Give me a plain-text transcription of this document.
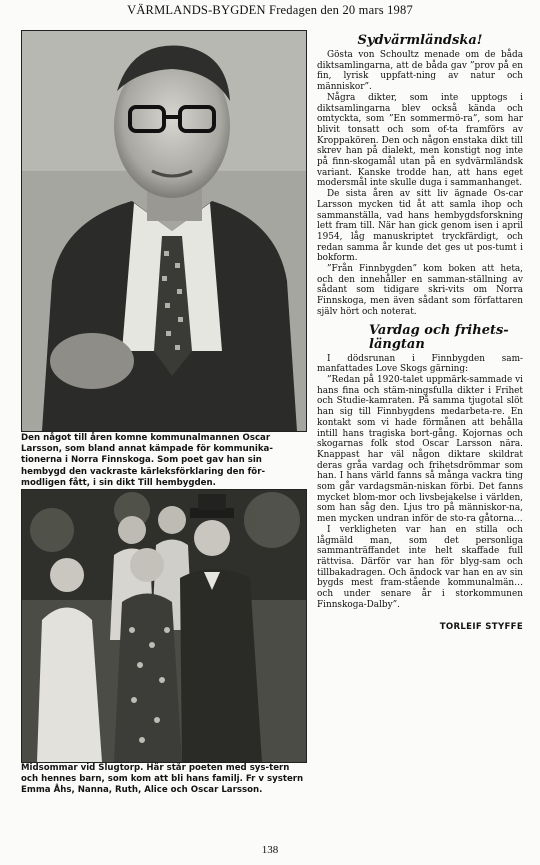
VÄRMLANDS-BYGDEN Fredagen den 20 mars 1987
Den något till åren komne kommunalmannen Oscar Larsson, som bland annat kämpade för kommunika-tionerna i Norra Finnskoga. Som poet gav han sin hembygd den vackraste kärleksförklaring den för-modligen fått, i sin dikt Till hembygden.
Midsommar vid Slugtorp. Här står poeten med sys-tern och hennes barn, som kom att bli hans familj. Fr v systern Emma Åhs, Nanna, Ruth, Alice och Oscar Larsson.
Sydvärmländska!

Gösta von Schoultz menade om de båda diktsamlingarna, att de båda gav ”prov på en fin, lyrisk uppfatt-ning av natur och människor”.

Några dikter, som inte upptogs i diktsamlingarna blev också kända och omtyckta, som ”En sommermö-ra”, som har blivit tonsatt och som of-ta framförs av Kroppakören. Den och någon enstaka dikt till skrev han på dialekt, men konstigt nog inte på finn-skogamål utan på en sydvärmländsk variant. Kanske trodde han, att hans eget modersmål inte skulle duga i sammanhanget.

De sista åren av sitt liv ägnade Os-car Larsson mycken tid åt att samla ihop och sammanställa, vad hans hembygdsforskning lett fram till. När han gick genom isen i april 1954, låg manuskriptet tryckfärdigt, och redan samma år kunde det ges ut pos-tumt i bokform.

”Från Finnbygden” kom boken att heta, och den innehåller en samman-ställning av sådant som tidigare skri-vits om Norra Finnskoga, men även sådant som författaren själv hört och noterat.

Vardag och frihets-
längtan

I dödsrunan i Finnbygden sam-manfattades Love Skogs gärning:

”Redan på 1920-talet uppmärk-sammade vi hans fina och stäm-ningsfulla dikter i Frihet och Studie-kamraten. På samma tjugotal slöt han sig till Finnbygdens medarbeta-re. En kontakt som vi hade förmånen att behålla intill hans tragiska bort-gång. Kojornas och skogarnas folk stod Oscar Larsson nära. Knappast har väl någon diktare skildrat deras gråa vardag och frihetsdrömmar som han. I hans värld fanns så många vackra ting som går vardagsmän-niskan förbi. Det fanns mycket blom-mor och livsbejakelse i världen, som han såg den. Ljus tro på människor-na, men mycken undran inför de sto-ra gåtorna…

I verkligheten var han en stilla och lågmäld man, som det personliga sammanträffandet inte helt skaffade full rättvisa. Därför var han för blyg-sam och tillbakadragen. Och ändock var han en av sin bygds mest fram-stående kommunalmän… och under senare år i storkommunen Finnskoga-Dalby”.

TORLEIF STYFFE
138
